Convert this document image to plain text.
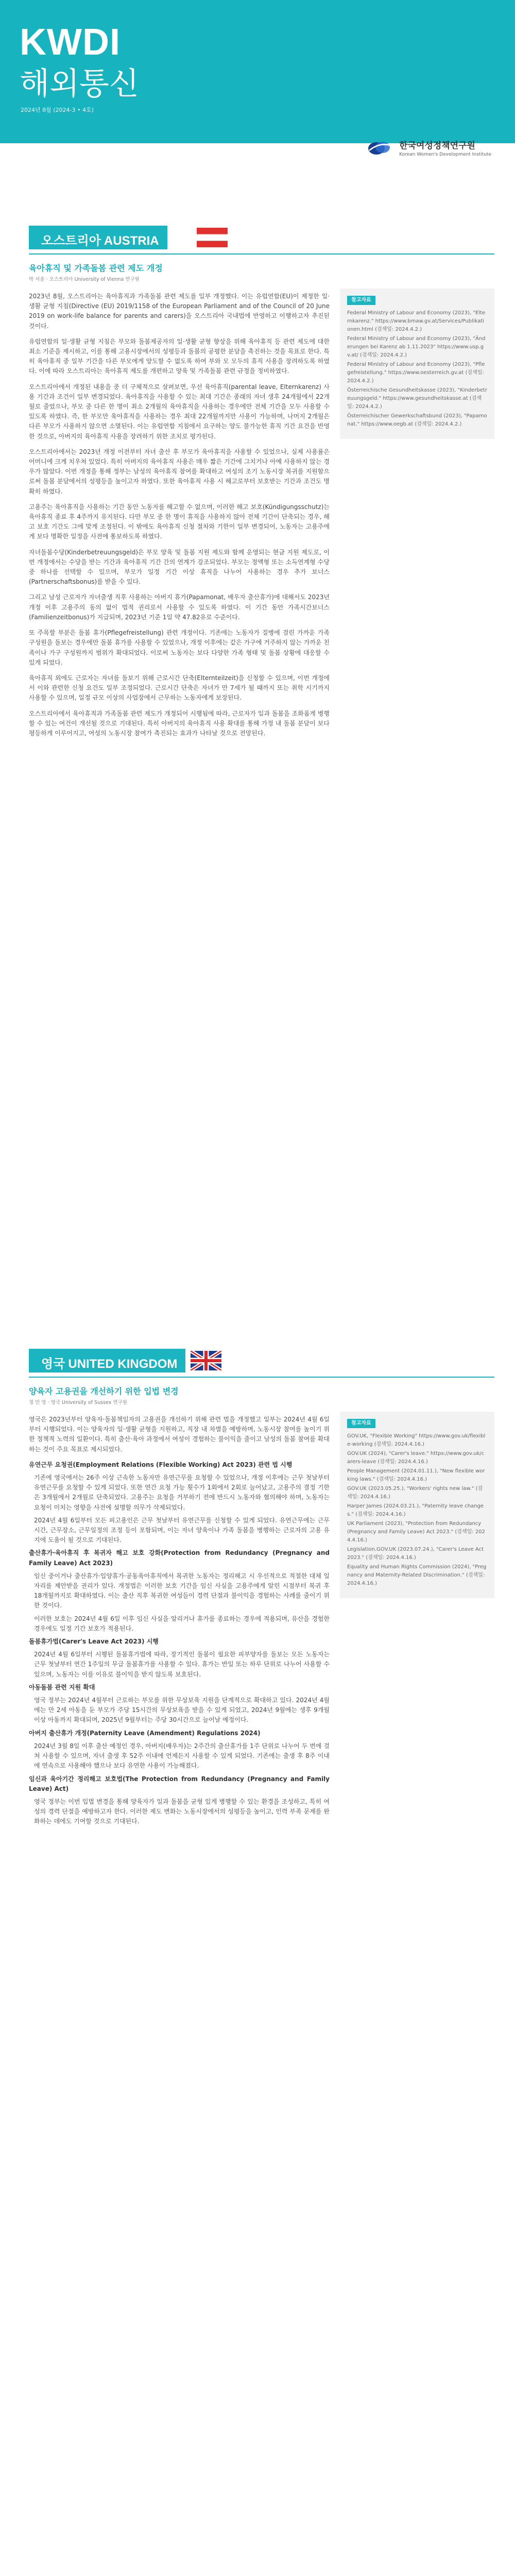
KWDI
해외통신
2024년 8월 (2024-3 • 4호)
한국여성정책연구원
Korean Women's Development Institute
오스트리아 AUSTRIA
육아휴직 및 가족돌봄 관련 제도 개정
박 서윤 · 오스트리아 University of Vienna 연구원

2023년 8월, 오스트리아는 육아휴직과 가족돌봄 관련 제도를 일부 개정했다. 이는 유럽연합(EU)이 제정한 일·생활 균형 지침(Directive (EU) 2019/1158 of the European Parliament and of the Council of 20 June 2019 on work-life balance for parents and carers)을 오스트리아 국내법에 반영하고 이행하고자 추진된 것이다.

유럽연합의 일·생활 균형 지침은 부모와 돌봄제공자의 일·생활 균형 향상을 위해 육아휴직 등 관련 제도에 대한 최소 기준을 제시하고, 이를 통해 고용시장에서의 성평등과 돌봄의 공평한 분담을 촉진하는 것을 목표로 한다. 특히 육아휴직 중 일부 기간을 다른 부모에게 양도할 수 없도록 하여 부와 모 모두의 휴직 사용을 장려하도록 하였다. 이에 따라 오스트리아는 육아휴직 제도를 개편하고 양육 및 가족돌봄 관련 규정을 정비하였다.

오스트리아에서 개정된 내용을 중 더 구체적으로 살펴보면, 우선 육아휴직(parental leave, Elternkarenz) 사용 기간과 조건이 일부 변경되었다. 육아휴직을 사용할 수 있는 최대 기간은 종래의 자녀 생후 24개월에서 22개월로 줄었으나, 부모 중 다른 한 명이 최소 2개월의 육아휴직을 사용하는 경우에만 전체 기간을 모두 사용할 수 있도록 하였다. 즉, 한 부모만 육아휴직을 사용하는 경우 최대 22개월까지만 사용이 가능하며, 나머지 2개월은 다른 부모가 사용하지 않으면 소멸된다. 이는 유럽연합 지침에서 요구하는 양도 불가능한 휴직 기간 요건을 반영한 것으로, 아버지의 육아휴직 사용을 장려하기 위한 조치로 평가된다.

오스트리아에서는 2023년 개정 이전부터 자녀 출산 후 부모가 육아휴직을 사용할 수 있었으나, 실제 사용률은 어머니에 크게 치우쳐 있었다. 특히 아버지의 육아휴직 사용은 매우 짧은 기간에 그치거나 아예 사용하지 않는 경우가 많았다. 이번 개정을 통해 정부는 남성의 육아휴직 참여를 확대하고 여성의 조기 노동시장 복귀를 지원함으로써 돌봄 분담에서의 성평등을 높이고자 하였다. 또한 육아휴직 사용 시 해고로부터 보호받는 기간과 조건도 명확히 하였다.

고용주는 육아휴직을 사용하는 기간 동안 노동자를 해고할 수 없으며, 이러한 해고 보호(Kündigungsschutz)는 육아휴직 종료 후 4주까지 유지된다. 다만 부모 중 한 명이 휴직을 사용하지 않아 전체 기간이 단축되는 경우, 해고 보호 기간도 그에 맞게 조정된다. 이 밖에도 육아휴직 신청 절차와 기한이 일부 변경되어, 노동자는 고용주에게 보다 명확한 일정을 사전에 통보하도록 하였다.

자녀돌봄수당(Kinderbetreuungsgeld)은 부모 양육 및 돌봄 지원 제도와 함께 운영되는 현금 지원 제도로, 이번 개정에서는 수당을 받는 기간과 육아휴직 기간 간의 연계가 강조되었다. 부모는 정액형 또는 소득연계형 수당 중 하나를 선택할 수 있으며, 부모가 일정 기간 이상 휴직을 나누어 사용하는 경우 추가 보너스(Partnerschaftsbonus)를 받을 수 있다.

그리고 남성 근로자가 자녀출생 직후 사용하는 아버지 휴가(Papamonat, 배우자 출산휴가)에 대해서도 2023년 개정 이후 고용주의 동의 없이 법적 권리로서 사용할 수 있도록 하였다. 이 기간 동안 가족시간보너스(Familienzeitbonus)가 지급되며, 2023년 기준 1일 약 47.82유로 수준이다.

또 주목할 부분은 돌봄 휴가(Pflegefreistellung) 관련 개정이다. 기존에는 노동자가 질병에 걸린 가까운 가족 구성원을 돌보는 경우에만 돌봄 휴가를 사용할 수 있었으나, 개정 이후에는 같은 가구에 거주하지 않는 가까운 친족이나 가구 구성원까지 범위가 확대되었다. 이로써 노동자는 보다 다양한 가족 형태 및 돌봄 상황에 대응할 수 있게 되었다.

육아휴직 외에도 근로자는 자녀를 돌보기 위해 근로시간 단축(Elternteilzeit)을 신청할 수 있으며, 이번 개정에서 이와 관련한 신청 요건도 일부 조정되었다. 근로시간 단축은 자녀가 만 7세가 될 때까지 또는 취학 시기까지 사용할 수 있으며, 일정 규모 이상의 사업장에서 근무하는 노동자에게 보장된다.

오스트리아에서 육아휴직과 가족돌봄 관련 제도가 개정되어 시행됨에 따라, 근로자가 일과 돌봄을 조화롭게 병행할 수 있는 여건이 개선될 것으로 기대된다. 특히 아버지의 육아휴직 사용 확대를 통해 가정 내 돌봄 분담이 보다 평등하게 이루어지고, 여성의 노동시장 참여가 촉진되는 효과가 나타날 것으로 전망된다.

참고자료
Federal Ministry of Labour and Economy (2023), "Elternkarenz." https://www.bmaw.gv.at/Services/Publikationen.html (검색일: 2024.4.2.)
Federal Ministry of Labour and Economy (2023), "Änderungen bei Karenz ab 1.11.2023" https://www.usp.gv.at/ (검색일: 2024.4.2.)
Federal Ministry of Labour and Economy (2023), "Pflegefreistellung." https://www.oesterreich.gv.at (검색일: 2024.4.2.)
Österreichische Gesundheitskasse (2023), "Kinderbetreuungsgeld." https://www.gesundheitskasse.at (검색일: 2024.4.2.)
Österreichischer Gewerkschaftsbund (2023), "Papamonat." https://www.oegb.at (검색일: 2024.4.2.)
영국 UNITED KINGDOM
양육자 고용권을 개선하기 위한 입법 변경
정 민 영 · 영국 University of Sussex 연구원

영국은 2023년부터 양육자·돌봄책임자의 고용권을 개선하기 위해 관련 법을 개정했고 일부는 2024년 4월 6일부터 시행되었다. 이는 양육자의 일·생활 균형을 지원하고, 직장 내 차별을 예방하며, 노동시장 참여를 높이기 위한 정책적 노력의 일환이다. 특히 출산·육아 과정에서 여성이 경험하는 불이익을 줄이고 남성의 돌봄 참여를 확대하는 것이 주요 목표로 제시되었다.

유연근무 요청권(Employment Relations (Flexible Working) Act 2023) 관련 법 시행

기존에 영국에서는 26주 이상 근속한 노동자만 유연근무를 요청할 수 있었으나, 개정 이후에는 근무 첫날부터 유연근무를 요청할 수 있게 되었다. 또한 연간 요청 가능 횟수가 1회에서 2회로 늘어났고, 고용주의 결정 기한은 3개월에서 2개월로 단축되었다. 고용주는 요청을 거부하기 전에 반드시 노동자와 협의해야 하며, 노동자는 요청이 미치는 영향을 사전에 설명할 의무가 삭제되었다.

2024년 4월 6일부터 모든 피고용인은 근무 첫날부터 유연근무를 신청할 수 있게 되었다. 유연근무에는 근무시간, 근무장소, 근무일정의 조정 등이 포함되며, 이는 자녀 양육이나 가족 돌봄을 병행하는 근로자의 고용 유지에 도움이 될 것으로 기대된다.

출산휴가·육아휴직 후 복귀자 해고 보호 강화(Protection from Redundancy (Pregnancy and Family Leave) Act 2023)

임신 중이거나 출산휴가·입양휴가·공동육아휴직에서 복귀한 노동자는 정리해고 시 우선적으로 적절한 대체 일자리를 제안받을 권리가 있다. 개정법은 이러한 보호 기간을 임신 사실을 고용주에게 알린 시점부터 복귀 후 18개월까지로 확대하였다. 이는 출산 직후 복귀한 여성들이 경력 단절과 불이익을 경험하는 사례를 줄이기 위한 것이다.

이러한 보호는 2024년 4월 6일 이후 임신 사실을 알리거나 휴가를 종료하는 경우에 적용되며, 유산을 경험한 경우에도 일정 기간 보호가 적용된다.

돌봄휴가법(Carer's Leave Act 2023) 시행

2024년 4월 6일부터 시행된 돌봄휴가법에 따라, 장기적인 돌봄이 필요한 피부양자를 돌보는 모든 노동자는 근무 첫날부터 연간 1주일의 무급 돌봄휴가를 사용할 수 있다. 휴가는 반일 또는 하루 단위로 나누어 사용할 수 있으며, 노동자는 이를 이유로 불이익을 받지 않도록 보호된다.

아동돌봄 관련 지원 확대

영국 정부는 2024년 4월부터 근로하는 부모를 위한 무상보육 지원을 단계적으로 확대하고 있다. 2024년 4월에는 만 2세 아동을 둔 부모가 주당 15시간의 무상보육을 받을 수 있게 되었고, 2024년 9월에는 생후 9개월 이상 아동까지 확대되며, 2025년 9월부터는 주당 30시간으로 늘어날 예정이다.

아버지 출산휴가 개정(Paternity Leave (Amendment) Regulations 2024)

2024년 3월 8일 이후 출산 예정인 경우, 아버지(배우자)는 2주간의 출산휴가를 1주 단위로 나누어 두 번에 걸쳐 사용할 수 있으며, 자녀 출생 후 52주 이내에 언제든지 사용할 수 있게 되었다. 기존에는 출생 후 8주 이내에 연속으로 사용해야 했으나 보다 유연한 사용이 가능해졌다.

임신과 육아기간 정리해고 보호법(The Protection from Redundancy (Pregnancy and Family Leave) Act)

영국 정부는 이번 입법 변경을 통해 양육자가 일과 돌봄을 균형 있게 병행할 수 있는 환경을 조성하고, 특히 여성의 경력 단절을 예방하고자 한다. 이러한 제도 변화는 노동시장에서의 성평등을 높이고, 인력 부족 문제를 완화하는 데에도 기여할 것으로 기대된다.

참고자료
GOV.UK, "Flexible Working" https://www.gov.uk/flexible-working (검색일: 2024.4.16.)
GOV.UK (2024), "Carer's leave." https://www.gov.uk/carers-leave (검색일: 2024.4.16.)
People Management (2024.01.11.), "New flexible working laws." (검색일: 2024.4.16.)
GOV.UK (2023.05.25.), "Workers' rights new law." (검색일: 2024.4.16.)
Harper James (2024.03.21.), "Paternity leave changes." (검색일: 2024.4.16.)
UK Parliament (2023), "Protection from Redundancy (Pregnancy and Family Leave) Act 2023." (검색일: 2024.4.16.)
Legislation.GOV.UK (2023.07.24.), "Carer's Leave Act 2023." (검색일: 2024.4.16.)
Equality and Human Rights Commission (2024), "Pregnancy and Maternity-Related Discrimination." (검색일: 2024.4.16.)
